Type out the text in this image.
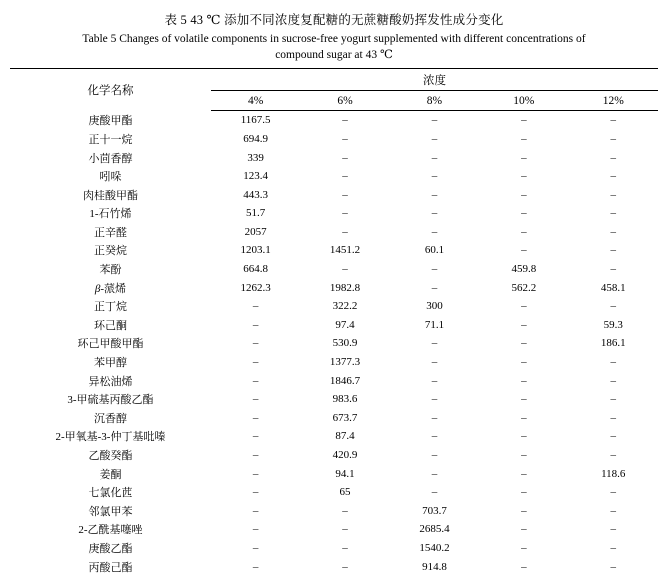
表 5 43 ℃ 添加不同浓度复配糖的无蔗糖酸奶挥发性成分变化
Table 5 Changes of volatile components in sucrose-free yogurt supplemented with different concentrations of
compound sugar at 43 ℃
化学名称	浓度				
	4%	6%	8%	10%	12%
庚酸甲酯	1167.5	–	–	–	–
正十一烷	694.9	–	–	–	–
小茴香醇	339	–	–	–	–
吲哚	123.4	–	–	–	–
肉桂酸甲酯	443.3	–	–	–	–
1-石竹烯	51.7	–	–	–	–
正辛醛	2057	–	–	–	–
正癸烷	1203.1	1451.2	60.1	–	–
苯酚	664.8	–	–	459.8	–
β-蒎烯	1262.3	1982.8	–	562.2	458.1
正丁烷	–	322.2	300	–	–
环己酮	–	97.4	71.1	–	59.3
环己甲酸甲酯	–	530.9	–	–	186.1
苯甲醇	–	1377.3	–	–	–
异松油烯	–	1846.7	–	–	–
3-甲硫基丙酸乙酯	–	983.6	–	–	–
沉香醇	–	673.7	–	–	–
2-甲氧基-3-仲丁基吡嗪	–	87.4	–	–	–
乙酸癸酯	–	420.9	–	–	–
姜酮	–	94.1	–	–	118.6
七氯化苉	–	65	–	–	–
邻氯甲苯	–	–	703.7	–	–
2-乙酰基噻唑	–	–	2685.4	–	–
庚酸乙酯	–	–	1540.2	–	–
丙酸己酯	–	–	914.8	–	–
